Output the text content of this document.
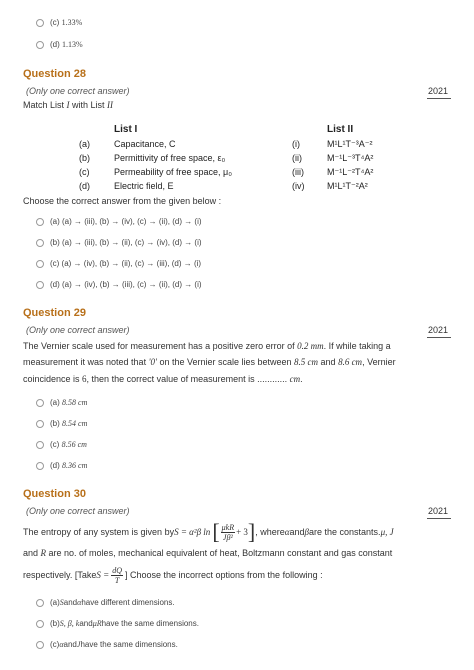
(c)
1.33%
(d)
1.13%
Question 28
(Only one correct answer)	2021
Match List I with List II
List I	List II
(a)	Capacitance, C	(i)	M¹L¹T⁻³A⁻²
(b)	Permittivity of free space, ε₀	(ii)	M⁻¹L⁻³T⁴A²
(c)	Permeability of free space, μ₀	(iii)	M⁻¹L⁻²T⁴A²
(d)	Electric field, E	(iv)	M¹L¹T⁻²A²
Choose the correct answer from the given below :
(a) (a) → (iii), (b) → (iv), (c) → (ii), (d) → (i)
(b) (a) → (iii), (b) → (ii), (c) → (iv), (d) → (i)
(c) (a) → (iv), (b) → (ii), (c) → (iii), (d) → (i)
(d) (a) → (iv), (b) → (iii), (c) → (ii), (d) → (i)
Question 29
(Only one correct answer)	2021
The Vernier scale used for measurement has a positive zero error of 0.2 mm. If while taking a
measurement it was noted that '0' on the Vernier scale lies between 8.5 cm and 8.6 cm, Vernier
coincidence is 6, then the correct value of measurement is ............ cm.
(a)
8.58 cm
(b)
8.54 cm
(c)
8.56 cm
(d)
8.36 cm
Question 30
(Only one correct answer)	2021
The entropy of any system is given by S = α²β ln [ μkR
Jβ² + 3 ] , where α and β are the constants. μ, J
and R are no. of moles, mechanical equivalent of heat, Boltzmann constant and gas constant
respectively. [Take $S = \frac{dQ}{T}$ ] Choose the incorrect options from the following :
(a) S and α have different dimensions.
(b) S, β, k and μR have the same dimensions.
(c) α and J have the same dimensions.
